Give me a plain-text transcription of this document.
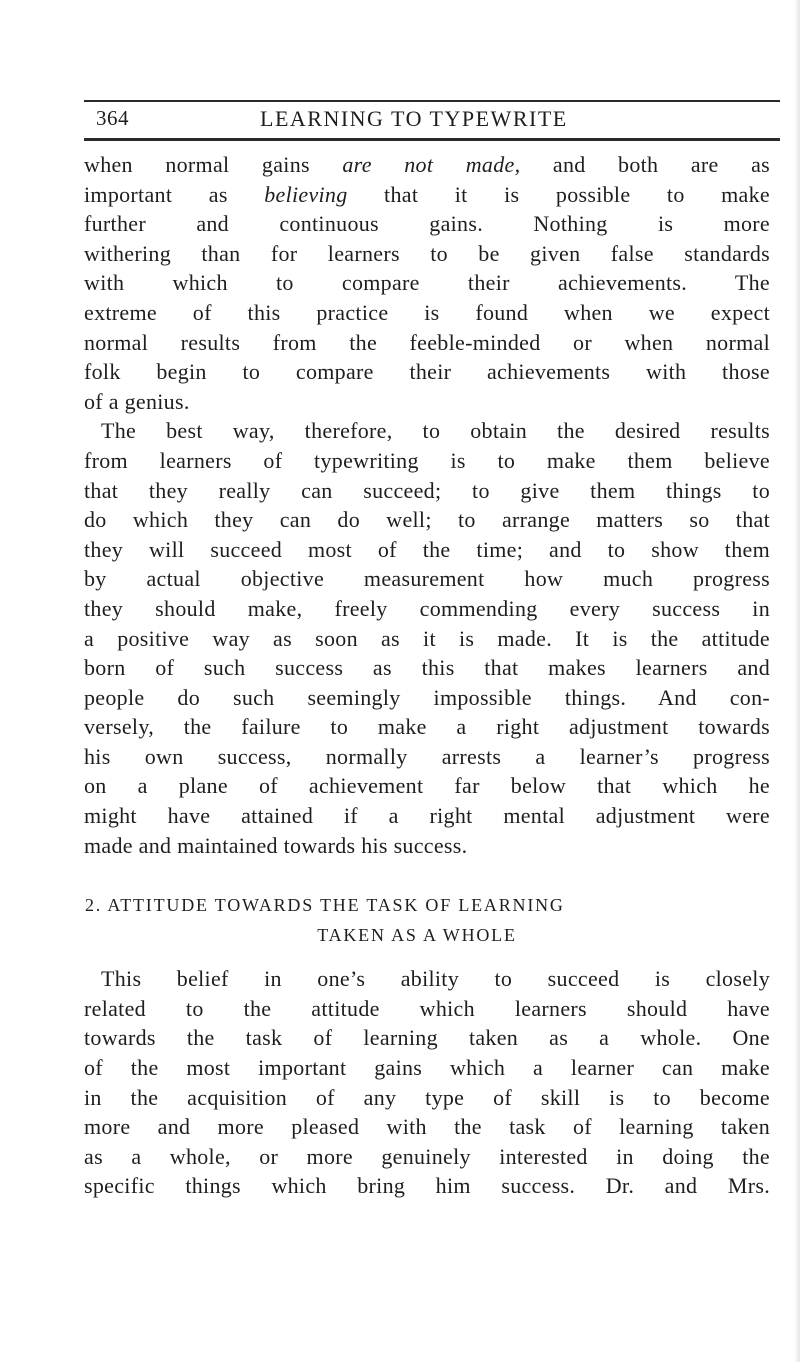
364	LEARNING TO TYPEWRITE
when normal gains are not made, and both are as
important as believing that it is possible to make
further and continuous gains. Nothing is more
withering than for learners to be given false standards
with which to compare their achievements. The
extreme of this practice is found when we expect
normal results from the feeble-minded or when normal
folk begin to compare their achievements with those
of a genius.
The best way, therefore, to obtain the desired results
from learners of typewriting is to make them believe
that they really can succeed; to give them things to
do which they can do well; to arrange matters so that
they will succeed most of the time; and to show them
by actual objective measurement how much progress
they should make, freely commending every success in
a positive way as soon as it is made. It is the attitude
born of such success as this that makes learners and
people do such seemingly impossible things. And con-
versely, the failure to make a right adjustment towards
his own success, normally arrests a learner’s progress
on a plane of achievement far below that which he
might have attained if a right mental adjustment were
made and maintained towards his success.
2. ATTITUDE TOWARDS THE TASK OF LEARNING
TAKEN AS A WHOLE
This belief in one’s ability to succeed is closely
related to the attitude which learners should have
towards the task of learning taken as a whole. One
of the most important gains which a learner can make
in the acquisition of any type of skill is to become
more and more pleased with the task of learning taken
as a whole, or more genuinely interested in doing the
specific things which bring him success. Dr. and Mrs.
